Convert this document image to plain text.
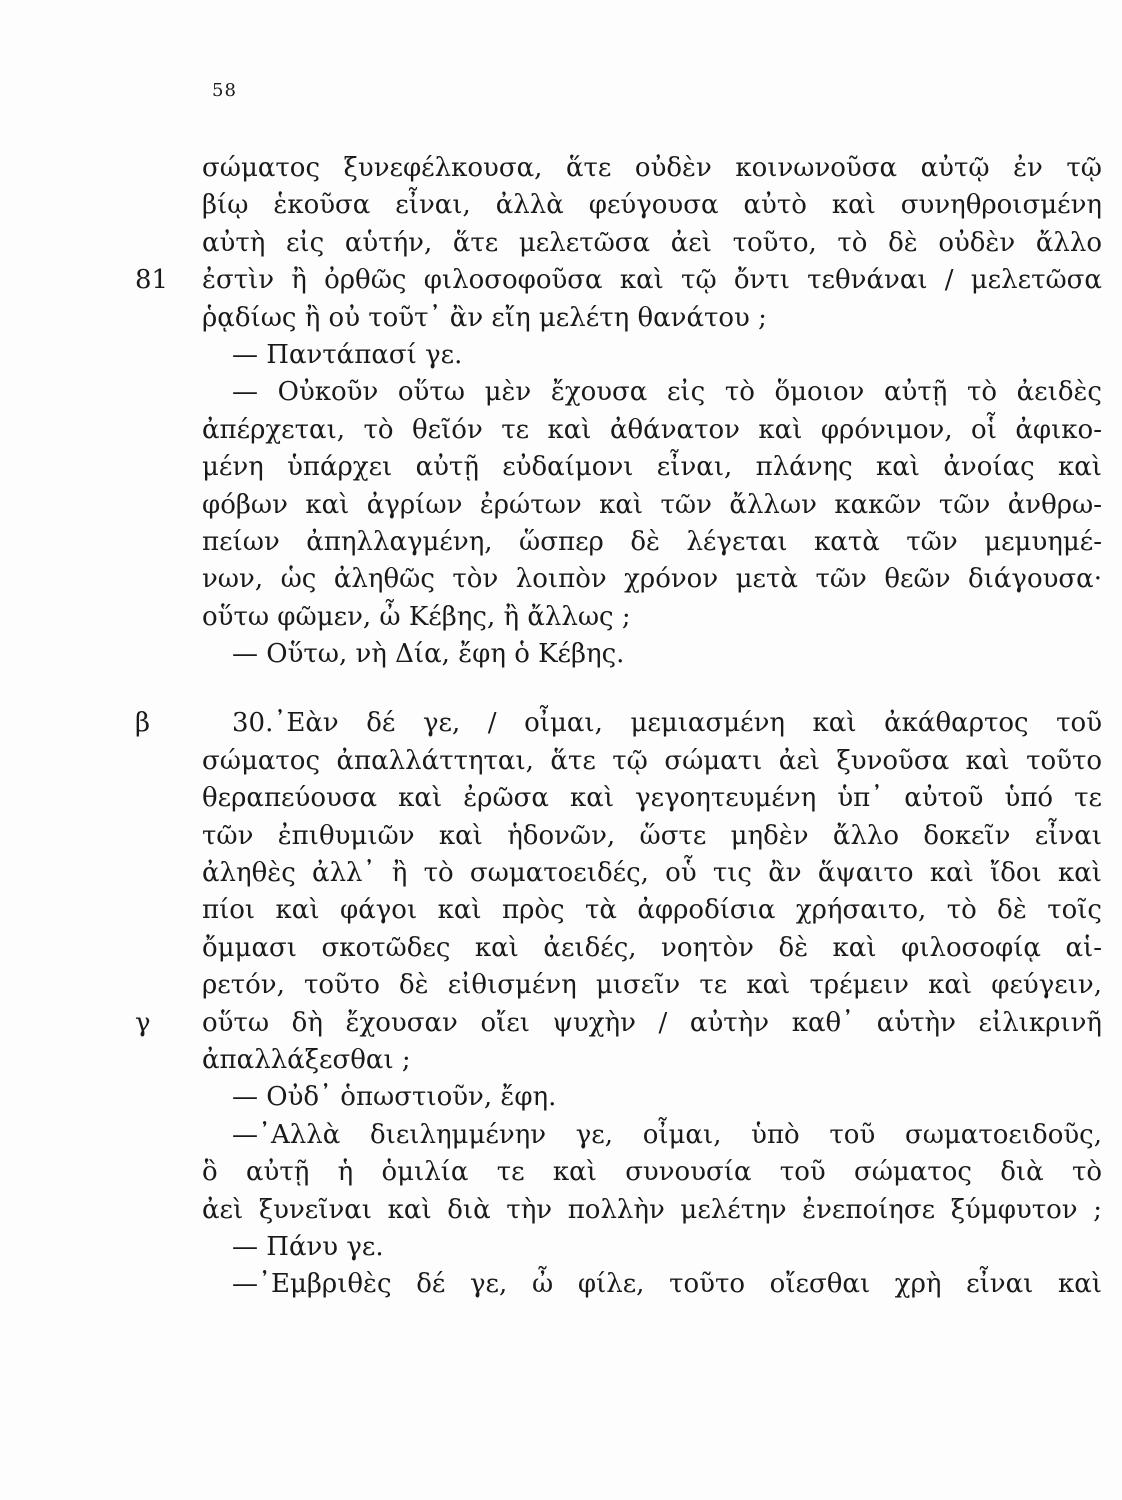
58
σώματος ξυνεφέλκουσα, ἅτε οὐδὲν κοινωνοῦσα αὐτῷ ἐν τῷ
βίῳ ἑκοῦσα εἶναι, ἀλλὰ φεύγουσα αὐτὸ καὶ συνηθροισμένη
αὐτὴ εἰς αὑτήν, ἅτε μελετῶσα ἀεὶ τοῦτο, τὸ δὲ οὐδὲν ἄλλο
81	ἐστὶν ἢ ὀρθῶς φιλοσοφοῦσα καὶ τῷ ὄντι τεθνάναι / μελετῶσα
ῥᾳδίως ἢ οὐ τοῦτ᾽ ἂν εἴη μελέτη θανάτου ;
— Παντάπασί γε.
— Οὐκοῦν οὕτω μὲν ἔχουσα εἰς τὸ ὅμοιον αὐτῇ τὸ ἀειδὲς
ἀπέρχεται, τὸ θεῖόν τε καὶ ἀθάνατον καὶ φρόνιμον, οἷ ἀφικο-
μένη ὑπάρχει αὐτῇ εὐδαίμονι εἶναι, πλάνης καὶ ἀνοίας καὶ
φόβων καὶ ἀγρίων ἐρώτων καὶ τῶν ἄλλων κακῶν τῶν ἀνθρω-
πείων ἀπηλλαγμένη, ὥσπερ δὲ λέγεται κατὰ τῶν μεμυημέ-
νων, ὡς ἀληθῶς τὸν λοιπὸν χρόνον μετὰ τῶν θεῶν διάγουσα·
οὕτω φῶμεν, ὦ Κέβης, ἢ ἄλλως ;
— Οὕτω, νὴ Δία, ἔφη ὁ Κέβης.
β	30.᾿Εὰν δέ γε, / οἶμαι, μεμιασμένη καὶ ἀκάθαρτος τοῦ
σώματος ἀπαλλάττηται, ἅτε τῷ σώματι ἀεὶ ξυνοῦσα καὶ τοῦτο
θεραπεύουσα καὶ ἐρῶσα καὶ γεγοητευμένη ὑπ᾽ αὐτοῦ ὑπό τε
τῶν ἐπιθυμιῶν καὶ ἡδονῶν, ὥστε μηδὲν ἄλλο δοκεῖν εἶναι
ἀληθὲς ἀλλ᾽ ἢ τὸ σωματοειδές, οὗ τις ἂν ἅψαιτο καὶ ἴδοι καὶ
πίοι καὶ φάγοι καὶ πρὸς τὰ ἀφροδίσια χρήσαιτο, τὸ δὲ τοῖς
ὄμμασι σκοτῶδες καὶ ἀειδές, νοητὸν δὲ καὶ φιλοσοφίᾳ αἱ-
ρετόν, τοῦτο δὲ εἰθισμένη μισεῖν τε καὶ τρέμειν καὶ φεύγειν,
γ	οὕτω δὴ ἔχουσαν οἴει ψυχὴν / αὐτὴν καθ᾽ αὑτὴν εἰλικρινῆ
ἀπαλλάξεσθαι ;
— Οὐδ᾽ ὁπωστιοῦν, ἔφη.
—᾿Αλλὰ διειλημμένην γε, οἶμαι, ὑπὸ τοῦ σωματοειδοῦς,
ὃ αὐτῇ ἡ ὁμιλία τε καὶ συνουσία τοῦ σώματος διὰ τὸ
ἀεὶ ξυνεῖναι καὶ διὰ τὴν πολλὴν μελέτην ἐνεποίησε ξύμφυτον ;
— Πάνυ γε.
—᾿Εμβριθὲς δέ γε, ὦ φίλε, τοῦτο οἴεσθαι χρὴ εἶναι καὶ
